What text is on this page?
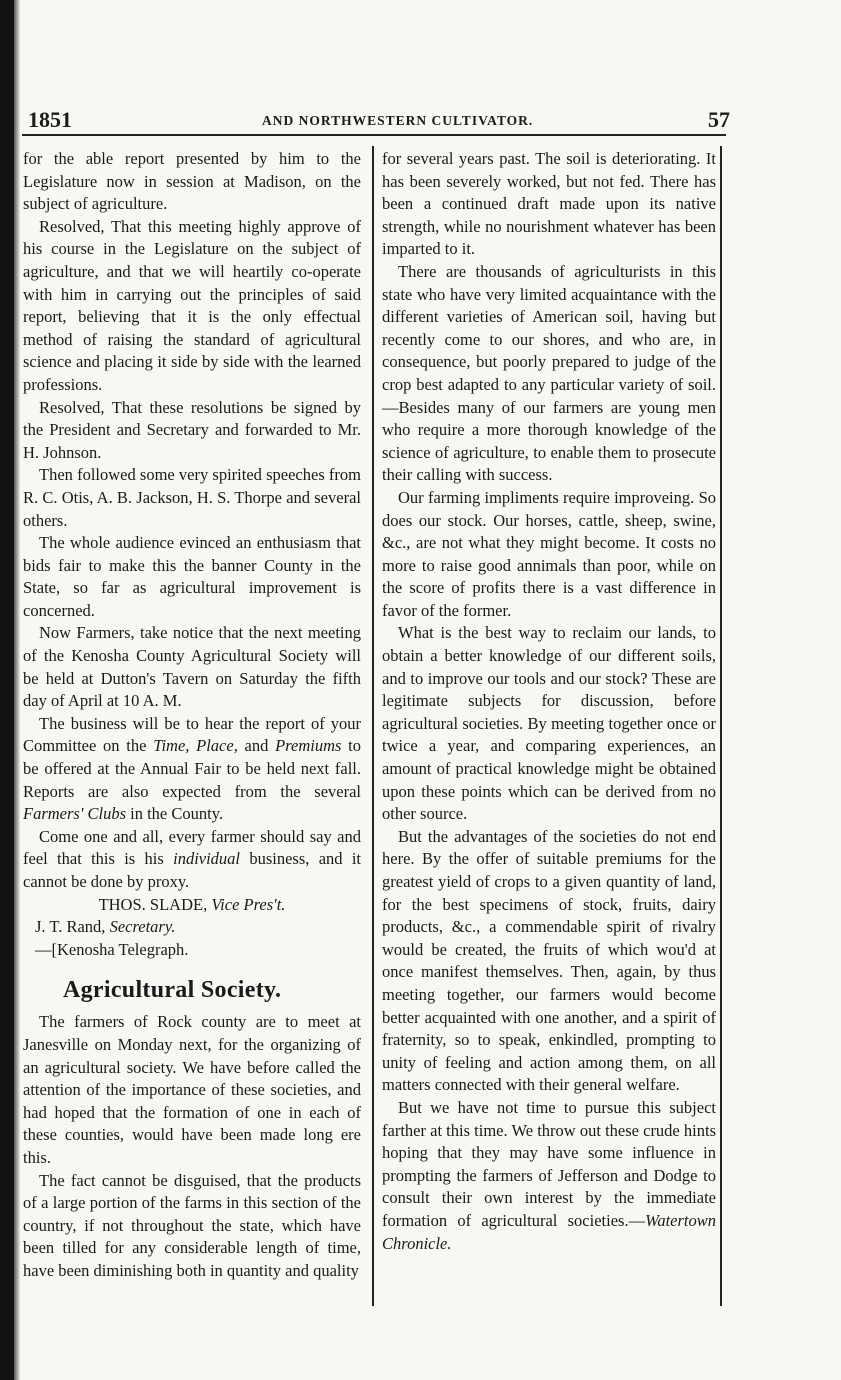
1851	AND NORTHWESTERN CULTIVATOR.	57

for the able report presented by him to the Legislature now in session at Madison, on the subject of agriculture.

Resolved, That this meeting highly approve of his course in the Legislature on the subject of agriculture, and that we will heartily co-operate with him in carrying out the principles of said report, believing that it is the only effectual method of raising the standard of agricultural science and placing it side by side with the learned professions.

Resolved, That these resolutions be signed by the President and Secretary and forwarded to Mr. H. Johnson.

Then followed some very spirited speeches from R. C. Otis, A. B. Jackson, H. S. Thorpe and several others.

The whole audience evinced an enthusiasm that bids fair to make this the banner County in the State, so far as agricultural improvement is concerned.

Now Farmers, take notice that the next meeting of the Kenosha County Agricultural Society will be held at Dutton's Tavern on Saturday the fifth day of April at 10 A. M.

The business will be to hear the report of your Committee on the Time, Place, and Premiums to be offered at the Annual Fair to be held next fall. Reports are also expected from the several Farmers' Clubs in the County.

Come one and all, every farmer should say and feel that this is his individual business, and it cannot be done by proxy.

THOS. SLADE, Vice Pres't.

J. T. Rand, Secretary.

—[Kenosha Telegraph.

Agricultural Society.

The farmers of Rock county are to meet at Janesville on Monday next, for the organizing of an agricultural society. We have before called the attention of the importance of these societies, and had hoped that the formation of one in each of these counties, would have been made long ere this.

The fact cannot be disguised, that the products of a large portion of the farms in this section of the country, if not throughout the state, which have been tilled for any considerable length of time, have been diminishing both in quantity and quality

for several years past. The soil is deteriorating. It has been severely worked, but not fed. There has been a continued draft made upon its native strength, while no nourishment whatever has been imparted to it.

There are thousands of agriculturists in this state who have very limited acquaintance with the different varieties of American soil, having but recently come to our shores, and who are, in consequence, but poorly prepared to judge of the crop best adapted to any particular variety of soil.—Besides many of our farmers are young men who require a more thorough knowledge of the science of agriculture, to enable them to prosecute their calling with success.

Our farming impliments require improveing. So does our stock. Our horses, cattle, sheep, swine, &c., are not what they might become. It costs no more to raise good annimals than poor, while on the score of profits there is a vast difference in favor of the former.

What is the best way to reclaim our lands, to obtain a better knowledge of our different soils, and to improve our tools and our stock? These are legitimate subjects for discussion, before agricultural societies. By meeting together once or twice a year, and comparing experiences, an amount of practical knowledge might be obtained upon these points which can be derived from no other source.

But the advantages of the societies do not end here. By the offer of suitable premiums for the greatest yield of crops to a given quantity of land, for the best specimens of stock, fruits, dairy products, &c., a commendable spirit of rivalry would be created, the fruits of which wou'd at once manifest themselves. Then, again, by thus meeting together, our farmers would become better acquainted with one another, and a spirit of fraternity, so to speak, enkindled, prompting to unity of feeling and action among them, on all matters connected with their general welfare.

But we have not time to pursue this subject farther at this time. We throw out these crude hints hoping that they may have some influence in prompting the farmers of Jefferson and Dodge to consult their own interest by the immediate formation of agricultural societies.—Watertown Chronicle.
